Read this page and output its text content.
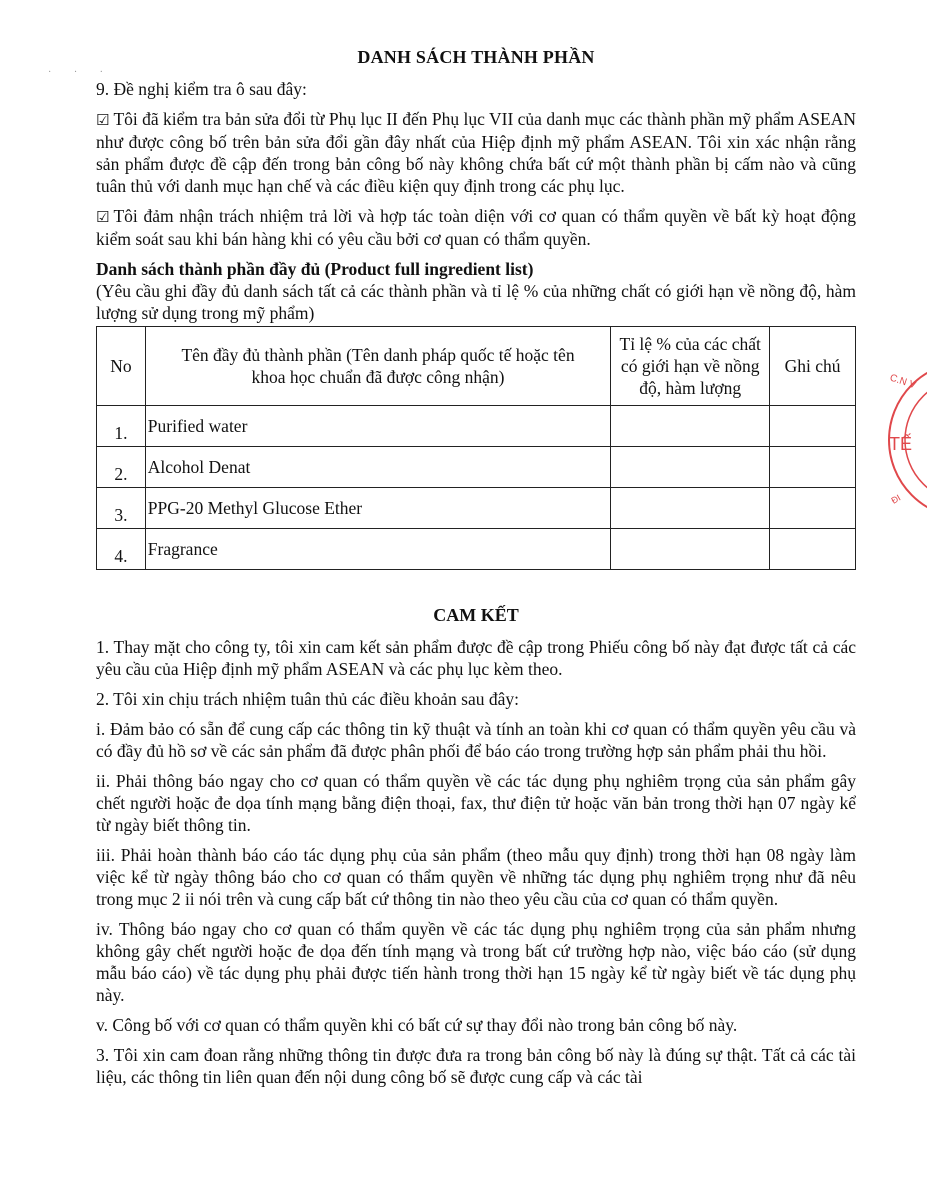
· · ·
DANH SÁCH THÀNH PHẦN

9. Đề nghị kiểm tra ô sau đây:

☑ Tôi đã kiểm tra bản sửa đổi từ Phụ lục II đến Phụ lục VII của danh mục các thành phần mỹ phẩm ASEAN như được công bố trên bản sửa đổi gần đây nhất của Hiệp định mỹ phẩm ASEAN. Tôi xin xác nhận rằng sản phẩm được đề cập đến trong bản công bố này không chứa bất cứ một thành phần bị cấm nào và cũng tuân thủ với danh mục hạn chế và các điều kiện quy định trong các phụ lục.

☑ Tôi đảm nhận trách nhiệm trả lời và hợp tác toàn diện với cơ quan có thẩm quyền về bất kỳ hoạt động kiểm soát sau khi bán hàng khi có yêu cầu bởi cơ quan có thẩm quyền.

Danh sách thành phần đầy đủ (Product full ingredient list)
(Yêu cầu ghi đầy đủ danh sách tất cả các thành phần và tỉ lệ % của những chất có giới hạn về nồng độ, hàm lượng sử dụng trong mỹ phẩm)
No	Tên đầy đủ thành phần (Tên danh pháp quốc tế hoặc tên khoa học chuẩn đã được công nhận)	Tỉ lệ % của các chất có giới hạn về nồng độ, hàm lượng	Ghi chú
1.	Purified water		
2.	Alcohol Denat		
3.	PPG-20 Methyl Glucose Ether		
4.	Fragrance		
CAM KẾT

1. Thay mặt cho công ty, tôi xin cam kết sản phẩm được đề cập trong Phiếu công bố này đạt được tất cả các yêu cầu của Hiệp định mỹ phẩm ASEAN và các phụ lục kèm theo.

2. Tôi xin chịu trách nhiệm tuân thủ các điều khoản sau đây:

i. Đảm bảo có sẵn để cung cấp các thông tin kỹ thuật và tính an toàn khi cơ quan có thẩm quyền yêu cầu và có đầy đủ hồ sơ về các sản phẩm đã được phân phối để báo cáo trong trường hợp sản phẩm phải thu hồi.

ii. Phải thông báo ngay cho cơ quan có thẩm quyền về các tác dụng phụ nghiêm trọng của sản phẩm gây chết người hoặc đe dọa tính mạng bằng điện thoại, fax, thư điện tử hoặc văn bản trong thời hạn 07 ngày kể từ ngày biết thông tin.

iii. Phải hoàn thành báo cáo tác dụng phụ của sản phẩm (theo mẫu quy định) trong thời hạn 08 ngày làm việc kể từ ngày thông báo cho cơ quan có thẩm quyền về những tác dụng phụ nghiêm trọng như đã nêu trong mục 2 ii nói trên và cung cấp bất cứ thông tin nào theo yêu cầu của cơ quan có thẩm quyền.

iv. Thông báo ngay cho cơ quan có thẩm quyền về các tác dụng phụ nghiêm trọng của sản phẩm nhưng không gây chết người hoặc đe dọa đến tính mạng và trong bất cứ trường hợp nào, việc báo cáo (sử dụng mẫu báo cáo) về tác dụng phụ phải được tiến hành trong thời hạn 15 ngày kể từ ngày biết về tác dụng phụ này.

v. Công bố với cơ quan có thẩm quyền khi có bất cứ sự thay đổi nào trong bản công bố này.

3. Tôi xin cam đoan rằng những thông tin được đưa ra trong bản công bố này là đúng sự thật. Tất cả các tài liệu, các thông tin liên quan đến nội dung công bố sẽ được cung cấp và các tài

C.N V
TẾ
ĐI
